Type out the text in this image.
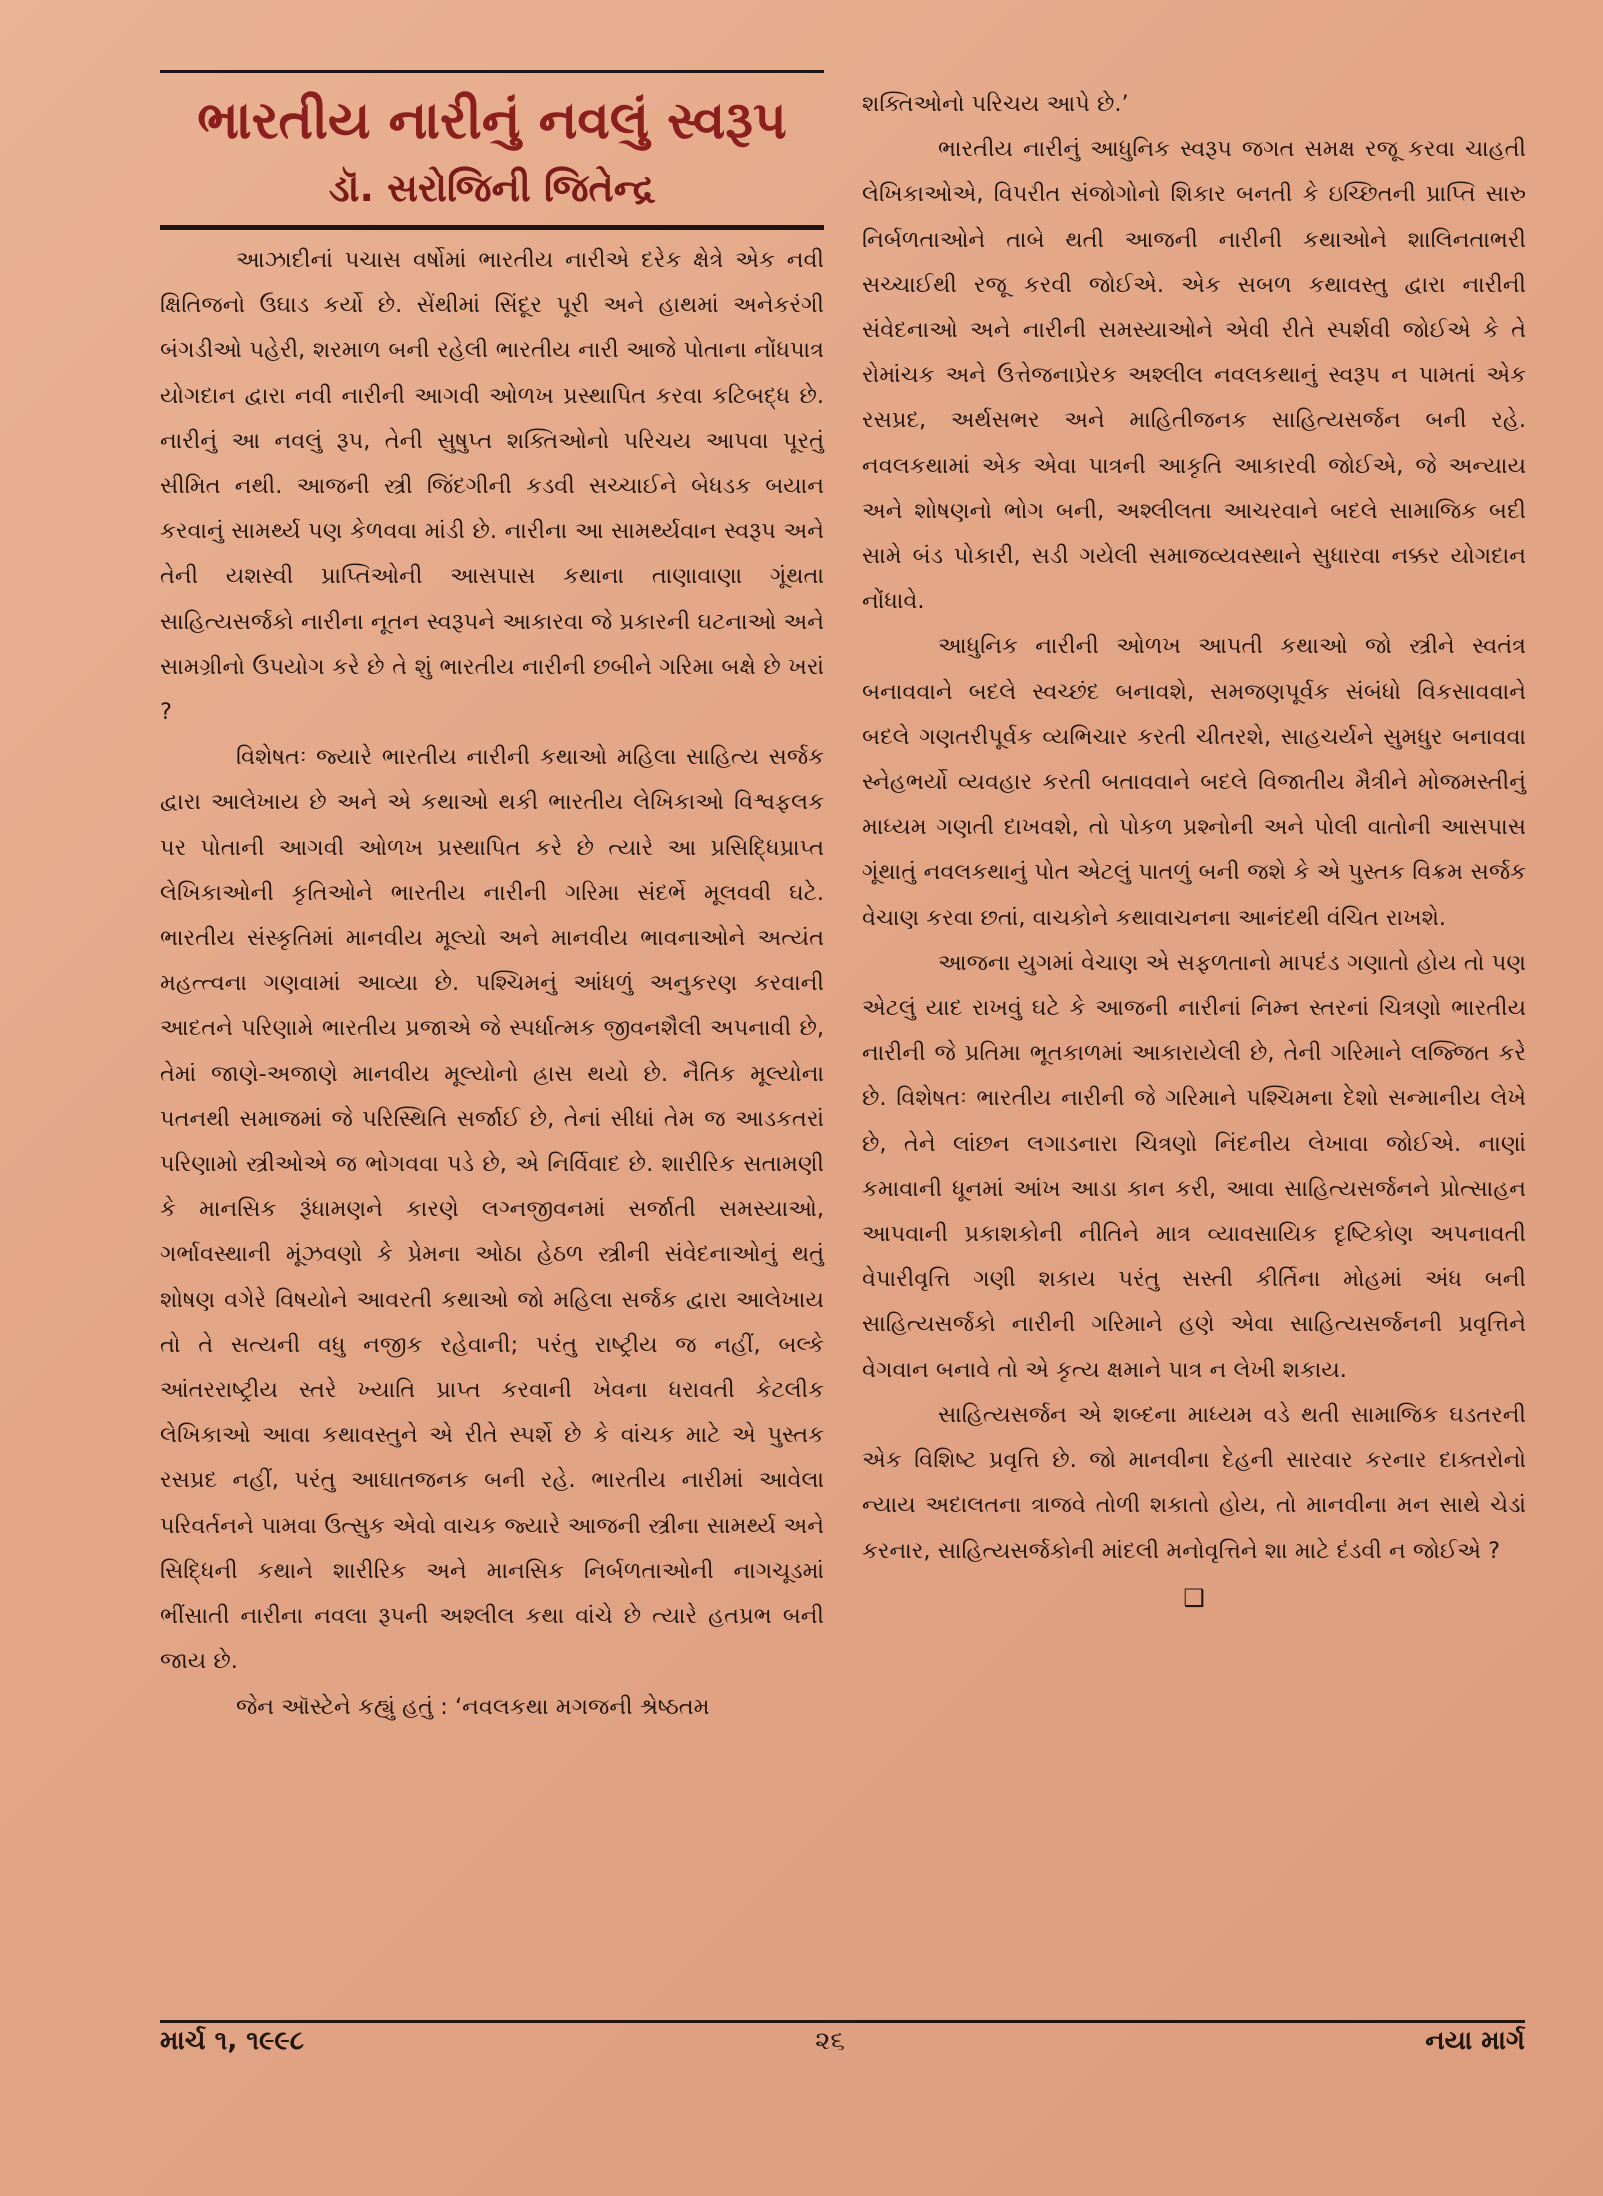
ભારતીય નારીનું નવલું સ્વરૂપ
ડૉ. સરોજિની જિતેન્દ્ર

આઝાદીનાં પચાસ વર્ષોમાં ભારતીય નારીએ દરેક ક્ષેત્રે એક નવી ક્ષિતિજનો ઉઘાડ કર્યો છે. સેંથીમાં સિંદૂર પૂરી અને હાથમાં અનેકરંગી બંગડીઓ પહેરી, શરમાળ બની રહેલી ભારતીય નારી આજે પોતાના નોંધપાત્ર યોગદાન દ્વારા નવી નારીની આગવી ઓળખ પ્રસ્થાપિત કરવા કટિબદ્ધ છે. નારીનું આ નવલું રૂપ, તેની સુષુપ્ત શક્તિઓનો પરિચય આપવા પૂરતું સીમિત નથી. આજની સ્ત્રી જિંદગીની કડવી સચ્ચાઈને બેધડક બયાન કરવાનું સામર્થ્ય પણ કેળવવા માંડી છે. નારીના આ સામર્થ્યવાન સ્વરૂપ અને તેની યશસ્વી પ્રાપ્તિઓની આસપાસ કથાના તાણાવાણા ગૂંથતા સાહિત્યસર્જકો નારીના નૂતન સ્વરૂપને આકારવા જે પ્રકારની ઘટનાઓ અને સામગ્રીનો ઉપયોગ કરે છે તે શું ભારતીય નારીની છબીને ગરિમા બક્ષે છે ખરાં ?

વિશેષતઃ જ્યારે ભારતીય નારીની કથાઓ મહિલા સાહિત્ય સર્જક દ્વારા આલેખાય છે અને એ કથાઓ થકી ભારતીય લેખિકાઓ વિશ્વફલક પર પોતાની આગવી ઓળખ પ્રસ્થાપિત કરે છે ત્યારે આ પ્રસિદ્ધિપ્રાપ્ત લેખિકાઓની કૃતિઓને ભારતીય નારીની ગરિમા સંદર્ભે મૂલવવી ઘટે. ભારતીય સંસ્કૃતિમાં માનવીય મૂલ્યો અને માનવીય ભાવનાઓને અત્યંત મહત્ત્વના ગણવામાં આવ્યા છે. પશ્ચિમનું આંધળું અનુકરણ કરવાની આદતને પરિણામે ભારતીય પ્રજાએ જે સ્પર્ધાત્મક જીવનશૈલી અપનાવી છે, તેમાં જાણે-અજાણે માનવીય મૂલ્યોનો હ્રાસ થયો છે. નૈતિક મૂલ્યોના પતનથી સમાજમાં જે પરિસ્થિતિ સર્જાઈ છે, તેનાં સીધાં તેમ જ આડકતરાં પરિણામો સ્ત્રીઓએ જ ભોગવવા પડે છે, એ નિર્વિવાદ છે. શારીરિક સતામણી કે માનસિક રૂંધામણને કારણે લગ્નજીવનમાં સર્જાતી સમસ્યાઓ, ગર્ભાવસ્થાની મૂંઝવણો કે પ્રેમના ઓઠા હેઠળ સ્ત્રીની સંવેદનાઓનું થતું શોષણ વગેરે વિષયોને આવરતી કથાઓ જો મહિલા સર્જક દ્વારા આલેખાય તો તે સત્યની વધુ નજીક રહેવાની; પરંતુ રાષ્ટ્રીય જ નહીં, બલ્કે આંતરરાષ્ટ્રીય સ્તરે ખ્યાતિ પ્રાપ્ત કરવાની ખેવના ધરાવતી કેટલીક લેખિકાઓ આવા કથાવસ્તુને એ રીતે સ્પર્શે છે કે વાંચક માટે એ પુસ્તક રસપ્રદ નહીં, પરંતુ આઘાતજનક બની રહે. ભારતીય નારીમાં આવેલા પરિવર્તનને પામવા ઉત્સુક એવો વાચક જ્યારે આજની સ્ત્રીના સામર્થ્ય અને સિદ્ધિની કથાને શારીરિક અને માનસિક નિર્બળતાઓની નાગચૂડમાં ભીંસાતી નારીના નવલા રૂપની અશ્લીલ કથા વાંચે છે ત્યારે હતપ્રભ બની જાય છે.

જેન ઑસ્ટેને કહ્યું હતું : ‘નવલકથા મગજની શ્રેષ્ઠતમ

શક્તિઓનો પરિચય આપે છે.’

ભારતીય નારીનું આધુનિક સ્વરૂપ જગત સમક્ષ રજૂ કરવા ચાહતી લેખિકાઓએ, વિપરીત સંજોગોનો શિકાર બનતી કે ઇચ્છિતની પ્રાપ્તિ સારુ નિર્બળતાઓને તાબે થતી આજની નારીની કથાઓને શાલિનતાભરી સચ્ચાઈથી રજૂ કરવી જોઈએ. એક સબળ કથાવસ્તુ દ્વારા નારીની સંવેદનાઓ અને નારીની સમસ્યાઓને એવી રીતે સ્પર્શવી જોઈએ કે તે રોમાંચક અને ઉત્તેજનાપ્રેરક અશ્લીલ નવલકથાનું સ્વરૂપ ન પામતાં એક રસપ્રદ, અર્થસભર અને માહિતીજનક સાહિત્યસર્જન બની રહે. નવલકથામાં એક એવા પાત્રની આકૃતિ આકારવી જોઈએ, જે અન્યાય અને શોષણનો ભોગ બની, અશ્લીલતા આચરવાને બદલે સામાજિક બદી સામે બંડ પોકારી, સડી ગયેલી સમાજવ્યવસ્થાને સુધારવા નક્કર યોગદાન નોંધાવે.

આધુનિક નારીની ઓળખ આપતી કથાઓ જો સ્ત્રીને સ્વતંત્ર બનાવવાને બદલે સ્વચ્છંદ બનાવશે, સમજણપૂર્વક સંબંધો વિકસાવવાને બદલે ગણતરીપૂર્વક વ્યભિચાર કરતી ચીતરશે, સાહચર્યને સુમધુર બનાવવા સ્નેહભર્યો વ્યવહાર કરતી બતાવવાને બદલે વિજાતીય મૈત્રીને મોજમસ્તીનું માધ્યમ ગણતી દાખવશે, તો પોકળ પ્રશ્નોની અને પોલી વાતોની આસપાસ ગૂંથાતું નવલકથાનું પોત એટલું પાતળું બની જશે કે એ પુસ્તક વિક્રમ સર્જક વેચાણ કરવા છતાં, વાચકોને કથાવાચનના આનંદથી વંચિત રાખશે.

આજના યુગમાં વેચાણ એ સફળતાનો માપદંડ ગણાતો હોય તો પણ એટલું યાદ રાખવું ઘટે કે આજની નારીનાં નિમ્ન સ્તરનાં ચિત્રણો ભારતીય નારીની જે પ્રતિમા ભૂતકાળમાં આકારાયેલી છે, તેની ગરિમાને લજ્જિત કરે છે. વિશેષતઃ ભારતીય નારીની જે ગરિમાને પશ્ચિમના દેશો સન્માનીય લેખે છે, તેને લાંછન લગાડનારા ચિત્રણો નિંદનીય લેખાવા જોઈએ. નાણાં કમાવાની ધૂનમાં આંખ આડા કાન કરી, આવા સાહિત્યસર્જનને પ્રોત્સાહન આપવાની પ્રકાશકોની નીતિને માત્ર વ્યાવસાયિક દૃષ્ટિકોણ અપનાવતી વેપારીવૃત્તિ ગણી શકાય પરંતુ સસ્તી કીર્તિના મોહમાં અંધ બની સાહિત્યસર્જકો નારીની ગરિમાને હણે એવા સાહિત્યસર્જનની પ્રવૃત્તિને વેગવાન બનાવે તો એ કૃત્ય ક્ષમાને પાત્ર ન લેખી શકાય.

સાહિત્યસર્જન એ શબ્દના માધ્યમ વડે થતી સામાજિક ઘડતરની એક વિશિષ્ટ પ્રવૃત્તિ છે. જો માનવીના દેહની સારવાર કરનાર દાક્તરોનો ન્યાય અદાલતના ત્રાજવે તોળી શકાતો હોય, તો માનવીના મન સાથે ચેડાં કરનાર, સાહિત્યસર્જકોની માંદલી મનોવૃત્તિને શા માટે દંડવી ન જોઈએ ?

❑
માર્ચ ૧, ૧૯૯૮	૨૬	નયા માર્ગ
